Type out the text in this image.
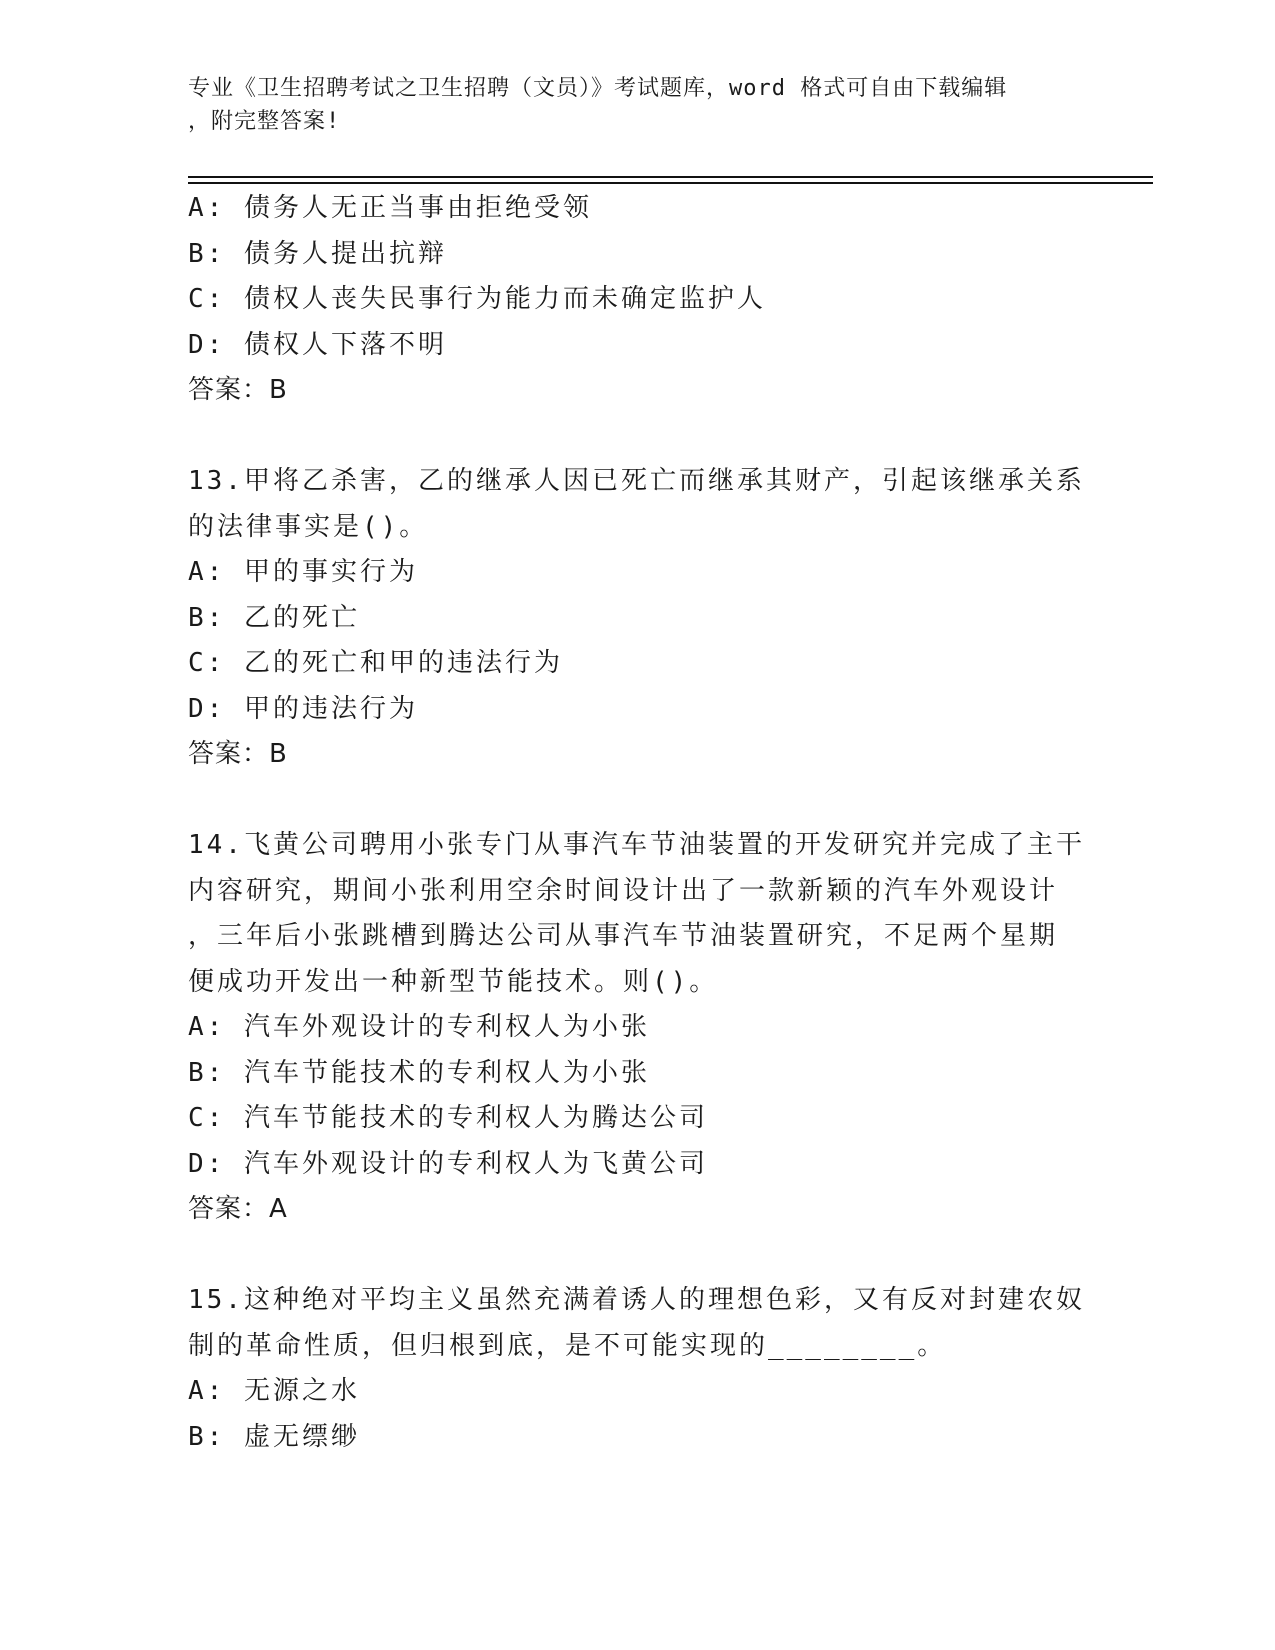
专业《卫生招聘考试之卫生招聘（文员）》考试题库，word 格式可自由下载编辑
，附完整答案!
A: 债务人无正当事由拒绝受领
B: 债务人提出抗辩
C: 债权人丧失民事行为能力而未确定监护人
D: 债权人下落不明
答案：B
13.甲将乙杀害，乙的继承人因已死亡而继承其财产，引起该继承关系
的法律事实是()。
A: 甲的事实行为
B: 乙的死亡
C: 乙的死亡和甲的违法行为
D: 甲的违法行为
答案：B
14.飞黄公司聘用小张专门从事汽车节油装置的开发研究并完成了主干
内容研究，期间小张利用空余时间设计出了一款新颖的汽车外观设计
，三年后小张跳槽到腾达公司从事汽车节油装置研究，不足两个星期
便成功开发出一种新型节能技术。则()。
A: 汽车外观设计的专利权人为小张
B: 汽车节能技术的专利权人为小张
C: 汽车节能技术的专利权人为腾达公司
D: 汽车外观设计的专利权人为飞黄公司
答案：A
15.这种绝对平均主义虽然充满着诱人的理想色彩，又有反对封建农奴
制的革命性质，但归根到底，是不可能实现的________。
A: 无源之水
B: 虚无缥缈
